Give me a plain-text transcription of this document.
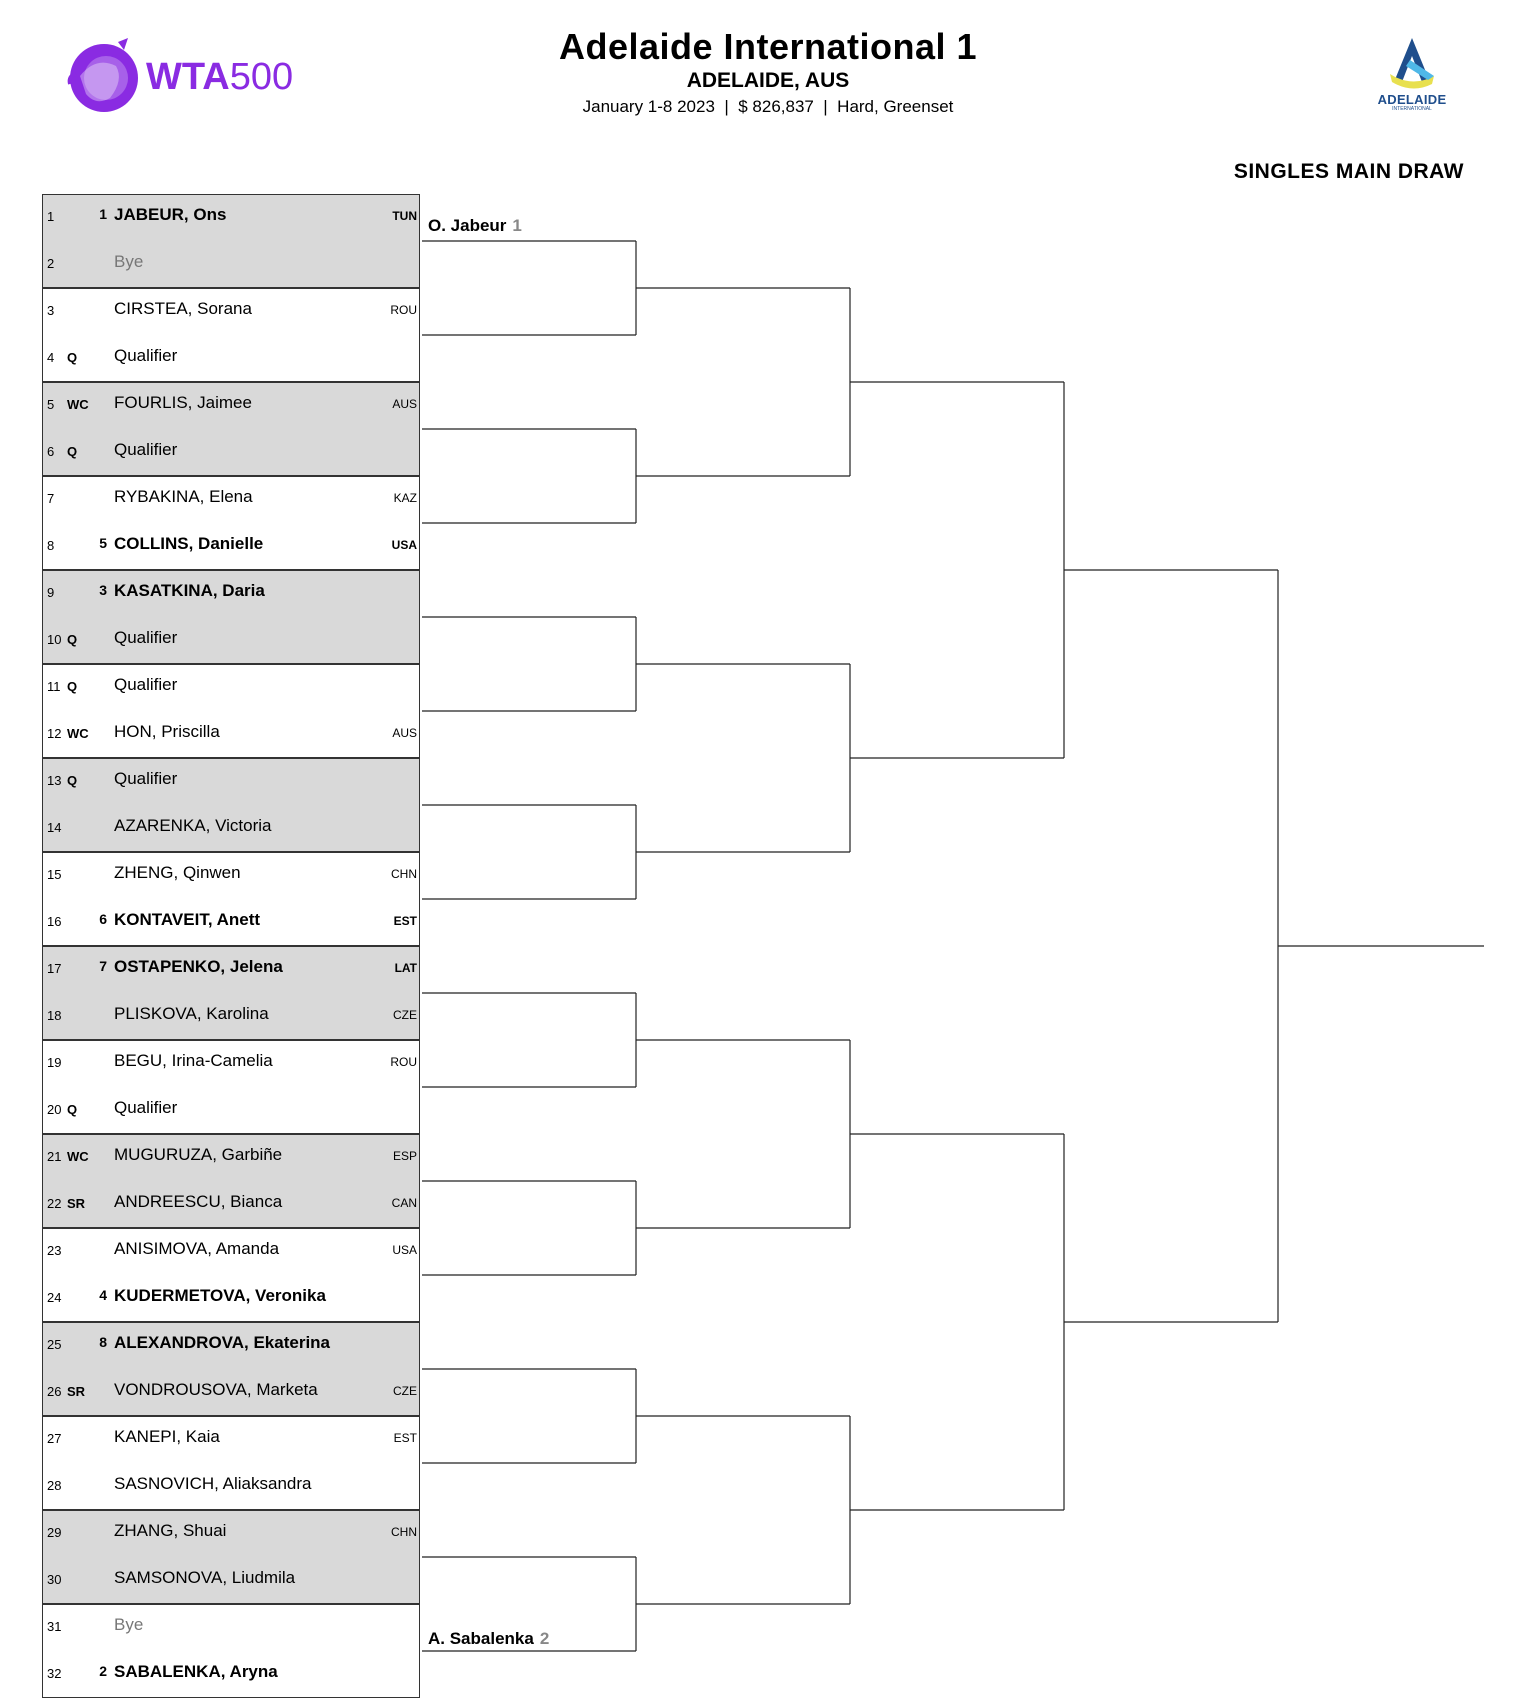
WTA500
ADELAIDE
INTERNATIONAL
Adelaide International 1
ADELAIDE, AUS
January 1-8 2023  |  $ 826,837  |  Hard, Greenset
SINGLES MAIN DRAW
1	1 JABEUR, Ons	TUN
2	Bye
3	CIRSTEA, Sorana	ROU
4 Q	Qualifier
5 WC	FOURLIS, Jaimee	AUS
6 Q	Qualifier
7	RYBAKINA, Elena	KAZ
8	5 COLLINS, Danielle	USA
9	3 KASATKINA, Daria
10 Q	Qualifier
11 Q	Qualifier
12 WC	HON, Priscilla	AUS
13 Q	Qualifier
14	AZARENKA, Victoria
15	ZHENG, Qinwen	CHN
16	6 KONTAVEIT, Anett	EST
17	7 OSTAPENKO, Jelena	LAT
18	PLISKOVA, Karolina	CZE
19	BEGU, Irina-Camelia	ROU
20 Q	Qualifier
21 WC	MUGURUZA, Garbiñe	ESP
22 SR	ANDREESCU, Bianca	CAN
23	ANISIMOVA, Amanda	USA
24	4 KUDERMETOVA, Veronika
25	8 ALEXANDROVA, Ekaterina
26 SR	VONDROUSOVA, Marketa	CZE
27	KANEPI, Kaia	EST
28	SASNOVICH, Aliaksandra
29	ZHANG, Shuai	CHN
30	SAMSONOVA, Liudmila
31	Bye
32	2 SABALENKA, Aryna
O. Jabeur 1
A. Sabalenka 2
